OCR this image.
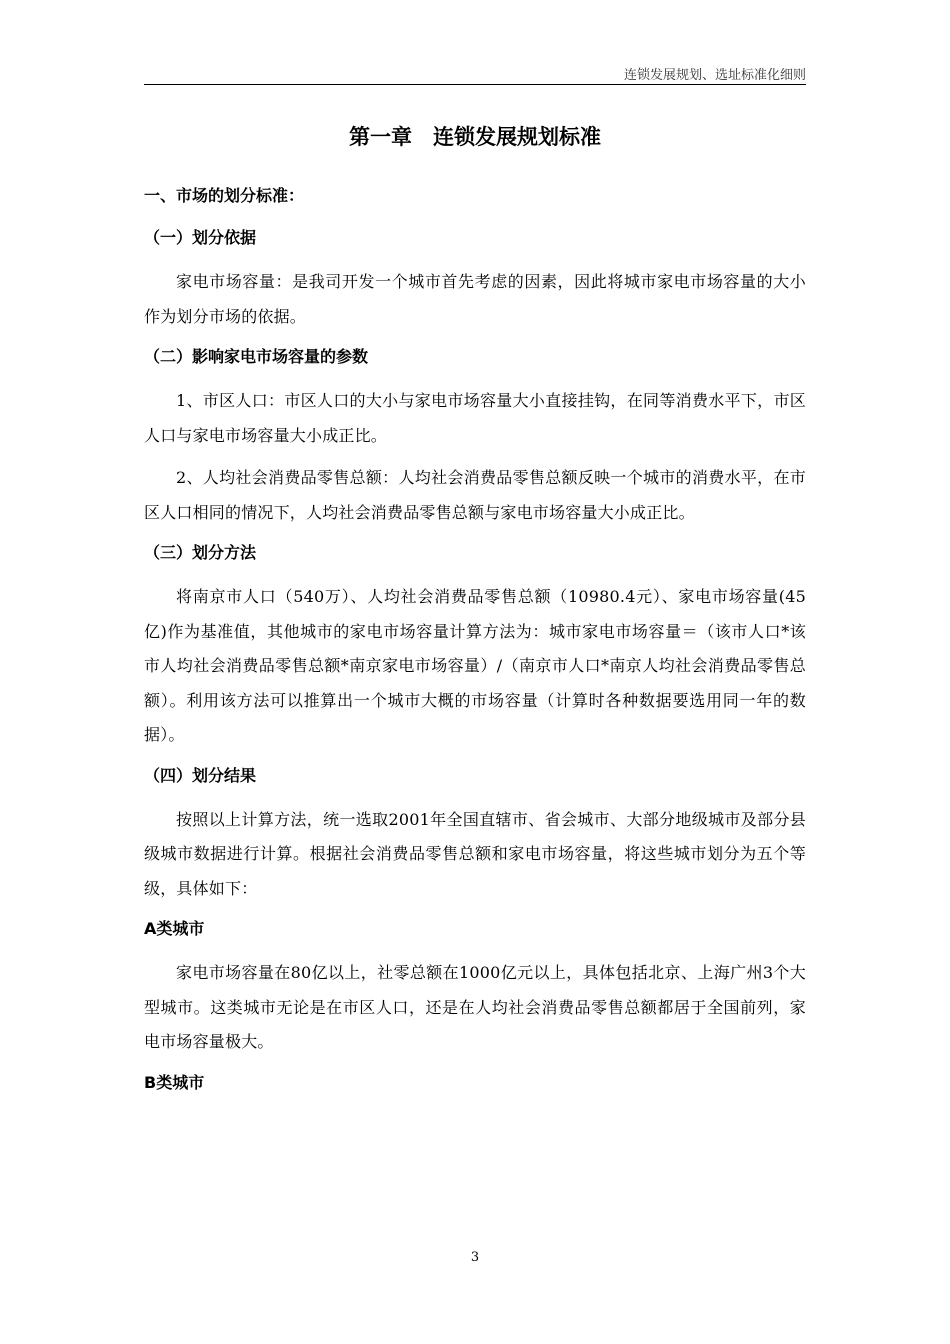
连锁发展规划、选址标准化细则
第一章　连锁发展规划标准
一、市场的划分标准：
（一）划分依据

家电市场容量：是我司开发一个城市首先考虑的因素，因此将城市家电市场容量的大小作为划分市场的依据。

（二）影响家电市场容量的参数

1、市区人口：市区人口的大小与家电市场容量大小直接挂钩，在同等消费水平下，市区人口与家电市场容量大小成正比。

2、人均社会消费品零售总额：人均社会消费品零售总额反映一个城市的消费水平，在市区人口相同的情况下，人均社会消费品零售总额与家电市场容量大小成正比。

（三）划分方法

将南京市人口（540万）、人均社会消费品零售总额（10980.4元）、家电市场容量(45亿)作为基准值，其他城市的家电市场容量计算方法为：城市家电市场容量＝（该市人口*该市人均社会消费品零售总额*南京家电市场容量）/（南京市人口*南京人均社会消费品零售总额）。利用该方法可以推算出一个城市大概的市场容量（计算时各种数据要选用同一年的数据）。

（四）划分结果

按照以上计算方法，统一选取2001年全国直辖市、省会城市、大部分地级城市及部分县级城市数据进行计算。根据社会消费品零售总额和家电市场容量，将这些城市划分为五个等级，具体如下：

A类城市

家电市场容量在80亿以上，社零总额在1000亿元以上，具体包括北京、上海广州3个大型城市。这类城市无论是在市区人口，还是在人均社会消费品零售总额都居于全国前列，家电市场容量极大。

B类城市
3
